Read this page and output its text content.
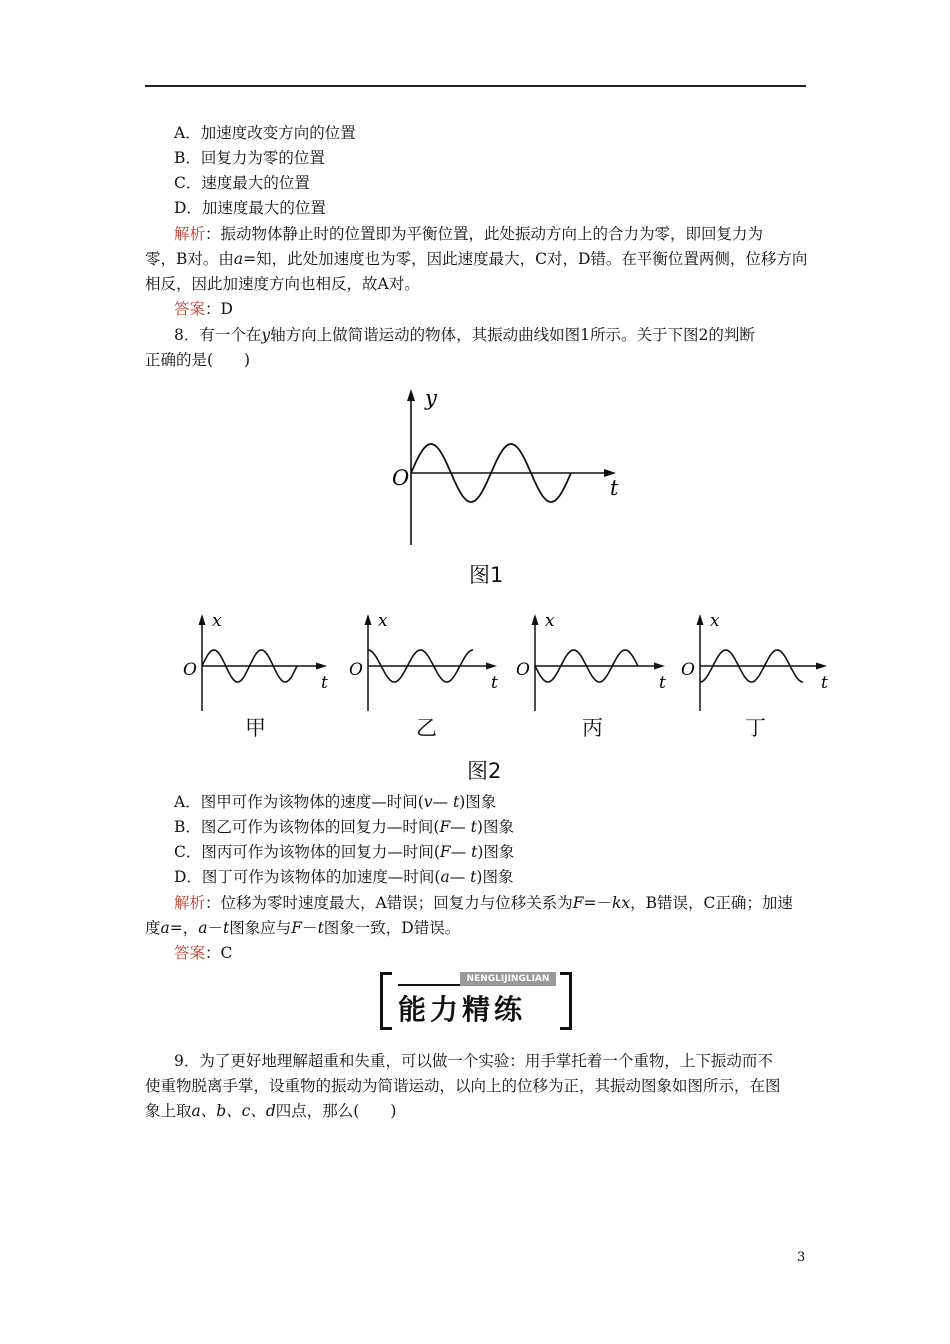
A．加速度改变方向的位置
B．回复力为零的位置
C．速度最大的位置
D．加速度最大的位置
解析：振动物体静止时的位置即为平衡位置，此处振动方向上的合力为零，即回复力为
零，B对。由a=知，此处加速度也为零，因此速度最大，C对，D错。在平衡位置两侧，位移方向
相反，因此加速度方向也相反，故A对。
答案：D
8．有一个在y轴方向上做简谐运动的物体，其振动曲线如图1所示。关于下图2的判断
正确的是(　　)
y
t
O
图1
x
t
O
x
t
O
x
t
O
x
t
O
甲	乙	丙	丁
图2
A．图甲可作为该物体的速度—时间(v— t)图象
B．图乙可作为该物体的回复力—时间(F— t)图象
C．图丙可作为该物体的回复力—时间(F— t)图象
D．图丁可作为该物体的加速度—时间(a— t)图象
解析：位移为零时速度最大，A错误；回复力与位移关系为F=－kx，B错误，C正确；加速
度a=，a－t图象应与F－t图象一致，D错误。
答案：C
NENGLIJINGLIAN
能力精练
9．为了更好地理解超重和失重，可以做一个实验：用手掌托着一个重物，上下振动而不
使重物脱离手掌，设重物的振动为简谐运动，以向上的位移为正，其振动图象如图所示，在图
象上取a、b、c、d四点，那么(　　)
3
